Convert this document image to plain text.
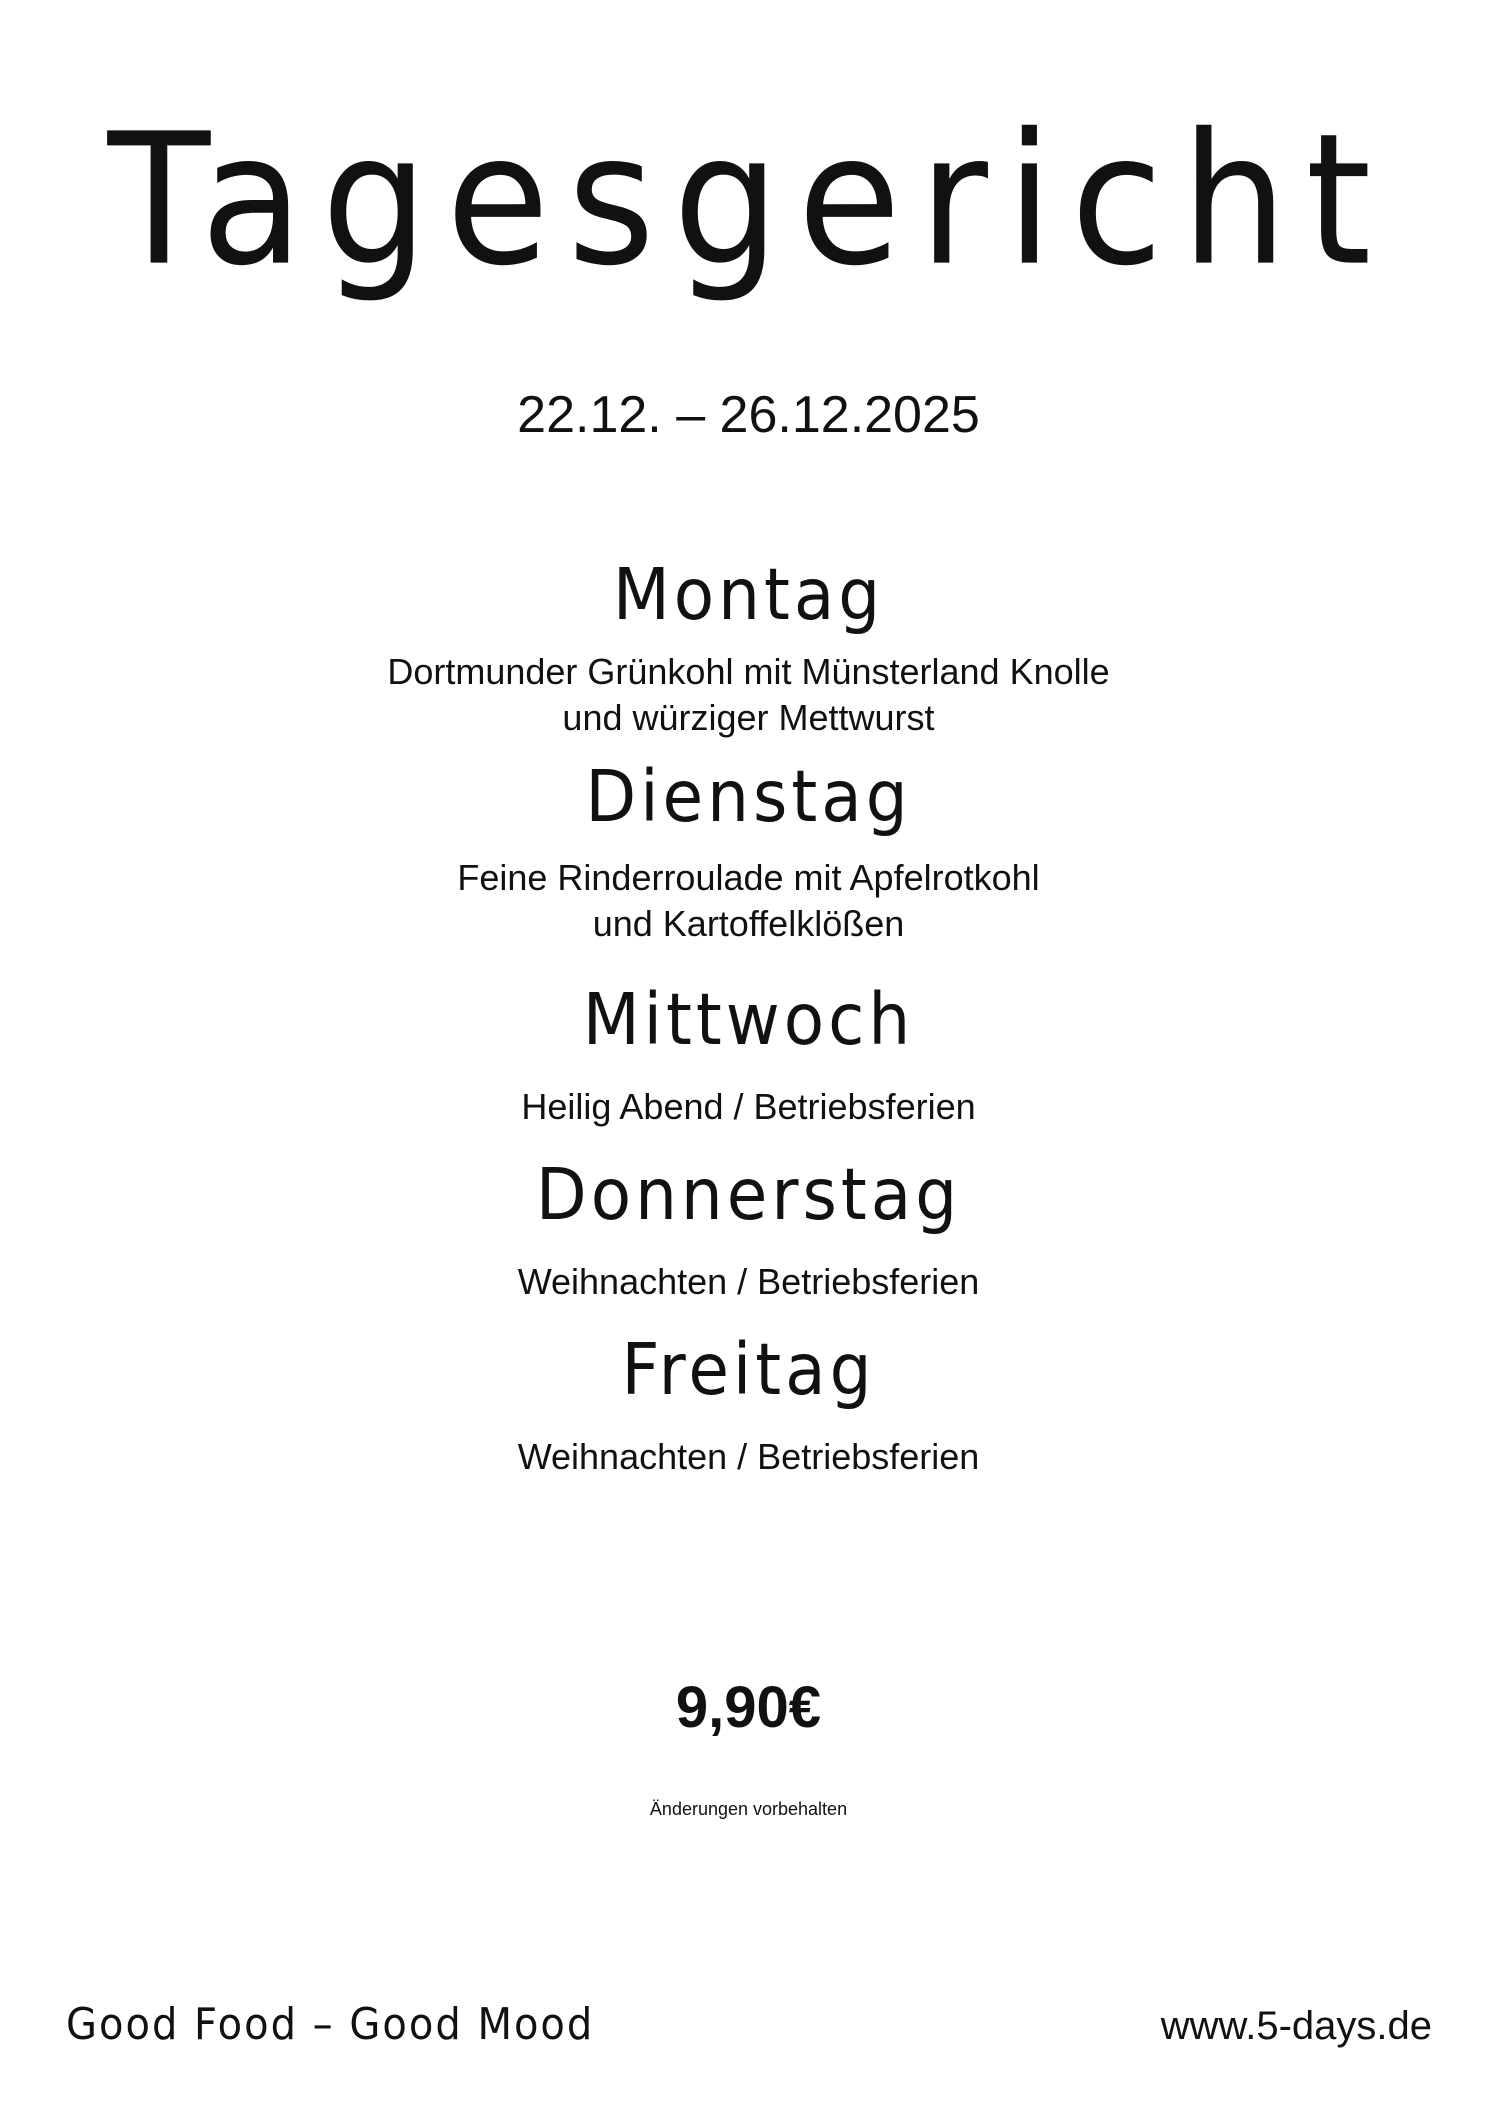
Tagesgericht
22.12. – 26.12.2025
Montag
Dortmunder Grünkohl mit Münsterland Knolle
und würziger Mettwurst
Dienstag
Feine Rinderroulade mit Apfelrotkohl
und Kartoffelklößen
Mittwoch
Heilig Abend / Betriebsferien
Donnerstag
Weihnachten / Betriebsferien
Freitag
Weihnachten / Betriebsferien
9,90€
Änderungen vorbehalten
Good Food – Good Mood	www.5-days.de
